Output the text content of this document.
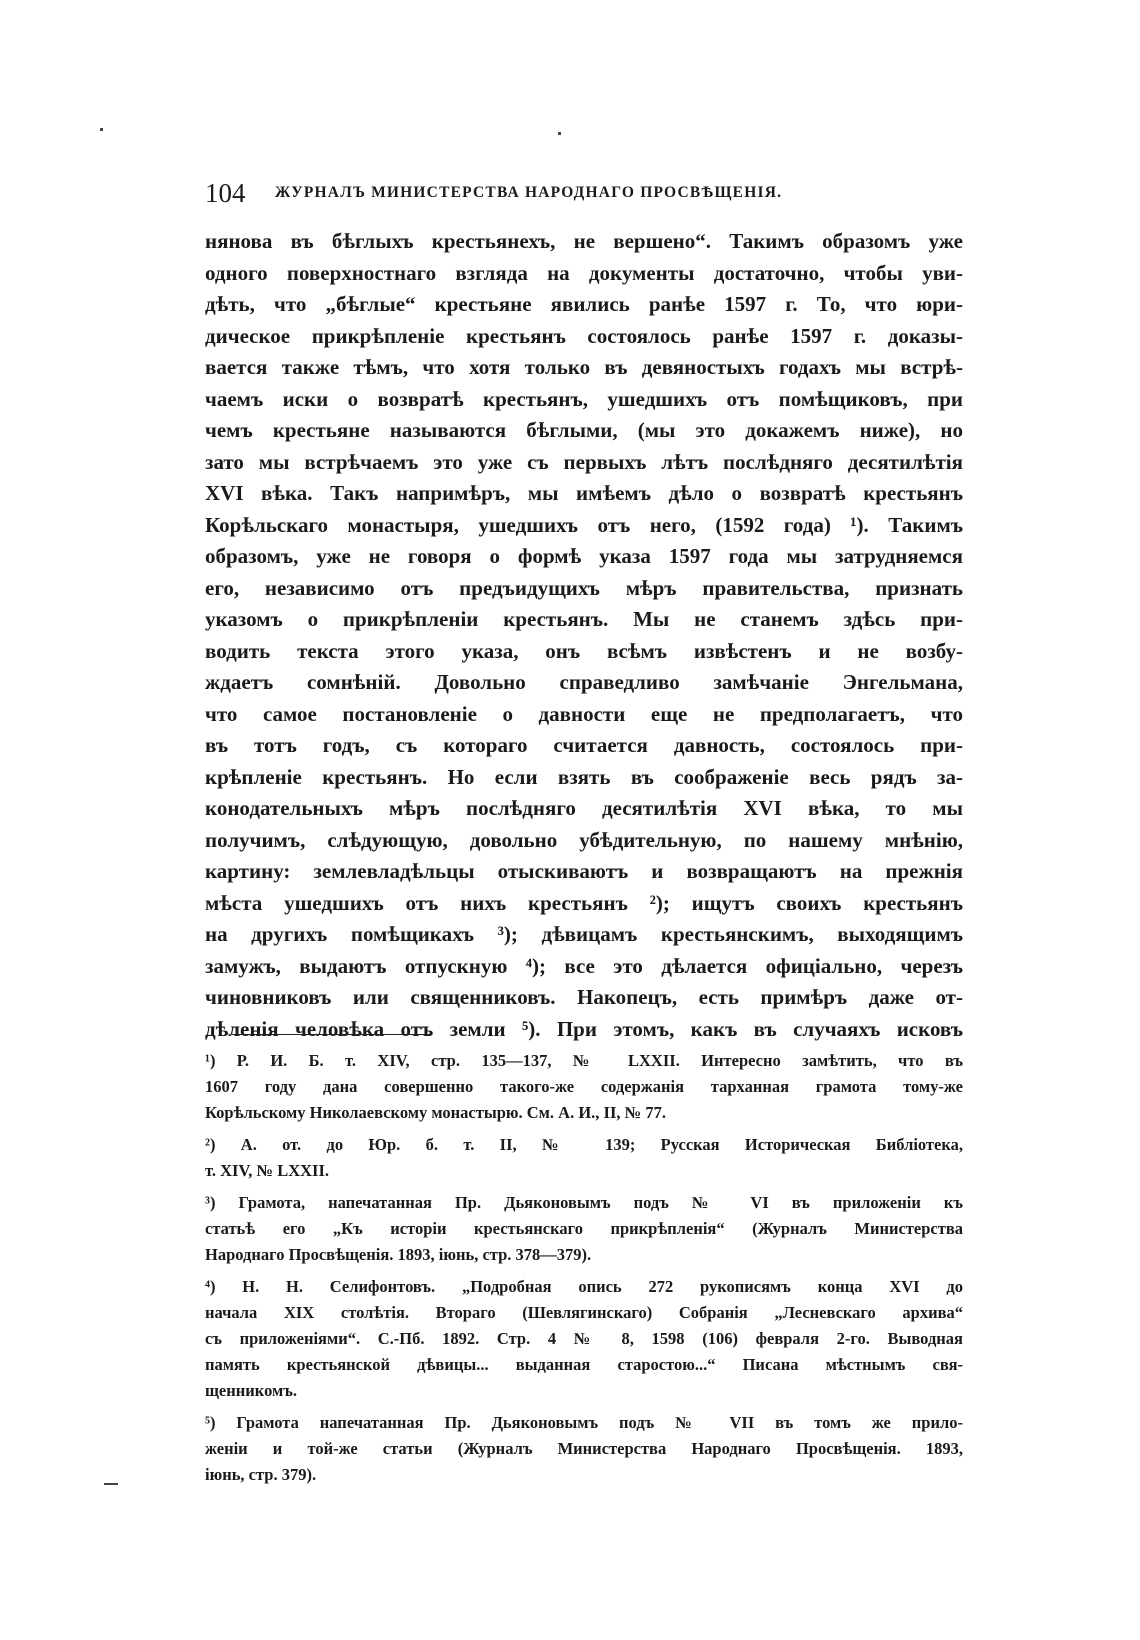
104 ЖУРНАЛЪ МИНИСТЕРСТВА НАРОДНАГО ПРОСВѢЩЕНІЯ.
нянова въ бѣглыхъ крестьянехъ, не вершено“. Такимъ образомъ уже
одного поверхностнаго взгляда на документы достаточно, чтобы уви-
дѣть, что „бѣглые“ крестьяне явились ранѣе 1597 г. То, что юри-
дическое прикрѣпленіе крестьянъ состоялось ранѣе 1597 г. доказы-
вается также тѣмъ, что хотя только въ девяностыхъ годахъ мы встрѣ-
чаемъ иски о возвратѣ крестьянъ, ушедшихъ отъ помѣщиковъ, при
чемъ крестьяне называются бѣглыми, (мы это докажемъ ниже), но
зато мы встрѣчаемъ это уже съ первыхъ лѣтъ послѣдняго десятилѣтія
XVI вѣка. Такъ напримѣръ, мы имѣемъ дѣло о возвратѣ крестьянъ
Корѣльскаго монастыря, ушедшихъ отъ него, (1592 года) ¹). Такимъ
образомъ, уже не говоря о формѣ указа 1597 года мы затрудняемся
его, независимо отъ предъидущихъ мѣръ правительства, признать
указомъ о прикрѣпленіи крестьянъ. Мы не станемъ здѣсь при-
водить текста этого указа, онъ всѣмъ извѣстенъ и не возбу-
ждаетъ сомнѣній. Довольно справедливо замѣчаніе Энгельмана,
что самое постановленіе о давности еще не предполагаетъ, что
въ тотъ годъ, съ котораго считается давность, состоялось при-
крѣпленіе крестьянъ. Но если взять въ соображеніе весь рядъ за-
конодательныхъ мѣръ послѣдняго десятилѣтія XVI вѣка, то мы
получимъ, слѣдующую, довольно убѣдительную, по нашему мнѣнію,
картину: землевладѣльцы отыскиваютъ и возвращаютъ на прежнія
мѣста ушедшихъ отъ нихъ крестьянъ ²); ищутъ своихъ крестьянъ
на другихъ помѣщикахъ ³); дѣвицамъ крестьянскимъ, выходящимъ
замужъ, выдаютъ отпускную ⁴); все это дѣлается офиціально, черезъ
чиновниковъ или священниковъ. Накопецъ, есть примѣръ даже от-
дѣленія человѣка отъ земли ⁵). При этомъ, какъ въ случаяхъ исковъ
¹) Р. И. Б. т. XIV, стр. 135—137, № LXXII. Интересно замѣтить, что въ
1607 году дана совершенно такого-же содержанія тарханная грамота тому-же
Корѣльскому Николаевскому монастырю. См. А. И., II, № 77.
²) А. от. до Юр. б. т. II, № 139; Русская Историческая Библіотека,
т. XIV, № LXXII.
³) Грамота, напечатанная Пр. Дьяконовымъ подъ № VI въ приложеніи къ
статьѣ его „Къ исторіи крестьянскаго прикрѣпленія“ (Журналъ Министерства
Народнаго Просвѣщенія. 1893, іюнь, стр. 378—379).
⁴) Н. Н. Селифонтовъ. „Подробная опись 272 рукописямъ конца XVI до
начала XIX столѣтія. Втораго (Шевлягинскаго) Собранія „Лесневскаго архива“
съ приложеніями“. С.-Пб. 1892. Стр. 4 № 8, 1598 (106) февраля 2-го. Выводная
память крестьянской дѣвицы... выданная старостою...“ Писана мѣстнымъ свя-
щенникомъ.
⁵) Грамота напечатанная Пр. Дьяконовымъ подъ № VII въ томъ же прило-
женіи и той-же статьи (Журналъ Министерства Народнаго Просвѣщенія. 1893,
іюнь, стр. 379).
